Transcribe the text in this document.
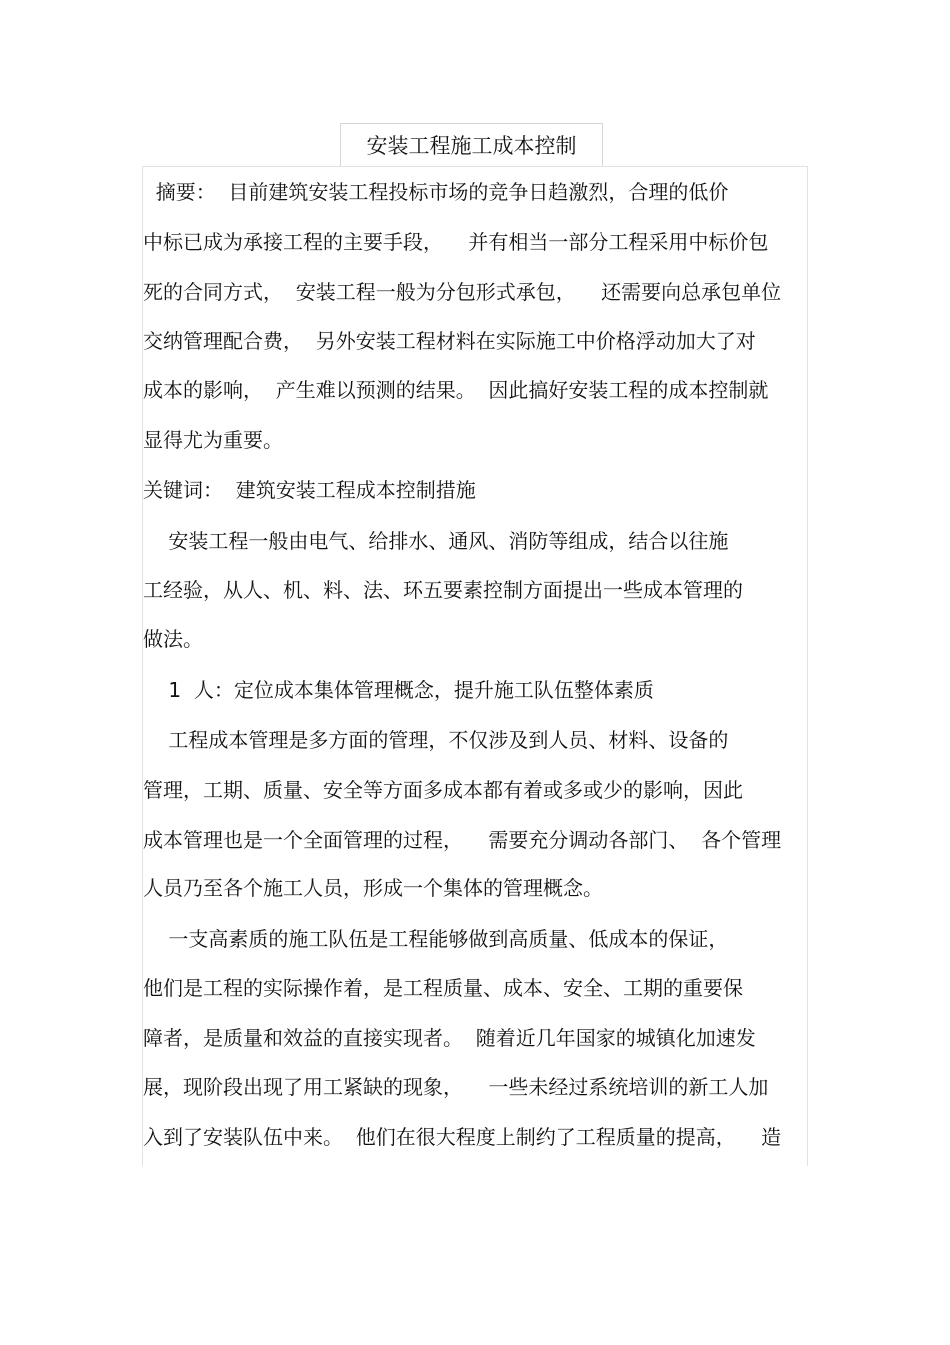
安装工程施工成本控制
摘要：  目前建筑安装工程投标市场的竞争日趋激烈，合理的低价
中标已成为承接工程的主要手段，    并有相当一部分工程采用中标价包
死的合同方式，  安装工程一般为分包形式承包，    还需要向总承包单位
交纳管理配合费，  另外安装工程材料在实际施工中价格浮动加大了对
成本的影响，  产生难以预测的结果。  因此搞好安装工程的成本控制就
显得尤为重要。
关键词：  建筑安装工程成本控制措施
安装工程一般由电气、给排水、通风、消防等组成，结合以往施
工经验，从人、机、料、法、环五要素控制方面提出一些成本管理的
做法。
1  人：定位成本集体管理概念，提升施工队伍整体素质
工程成本管理是多方面的管理，不仅涉及到人员、材料、设备的
管理，工期、质量、安全等方面多成本都有着或多或少的影响，因此
成本管理也是一个全面管理的过程，    需要充分调动各部门、  各个管理
人员乃至各个施工人员，形成一个集体的管理概念。
一支高素质的施工队伍是工程能够做到高质量、低成本的保证，
他们是工程的实际操作着，是工程质量、成本、安全、工期的重要保
障者，是质量和效益的直接实现者。  随着近几年国家的城镇化加速发
展，现阶段出现了用工紧缺的现象，    一些未经过系统培训的新工人加
入到了安装队伍中来。  他们在很大程度上制约了工程质量的提高，    造
